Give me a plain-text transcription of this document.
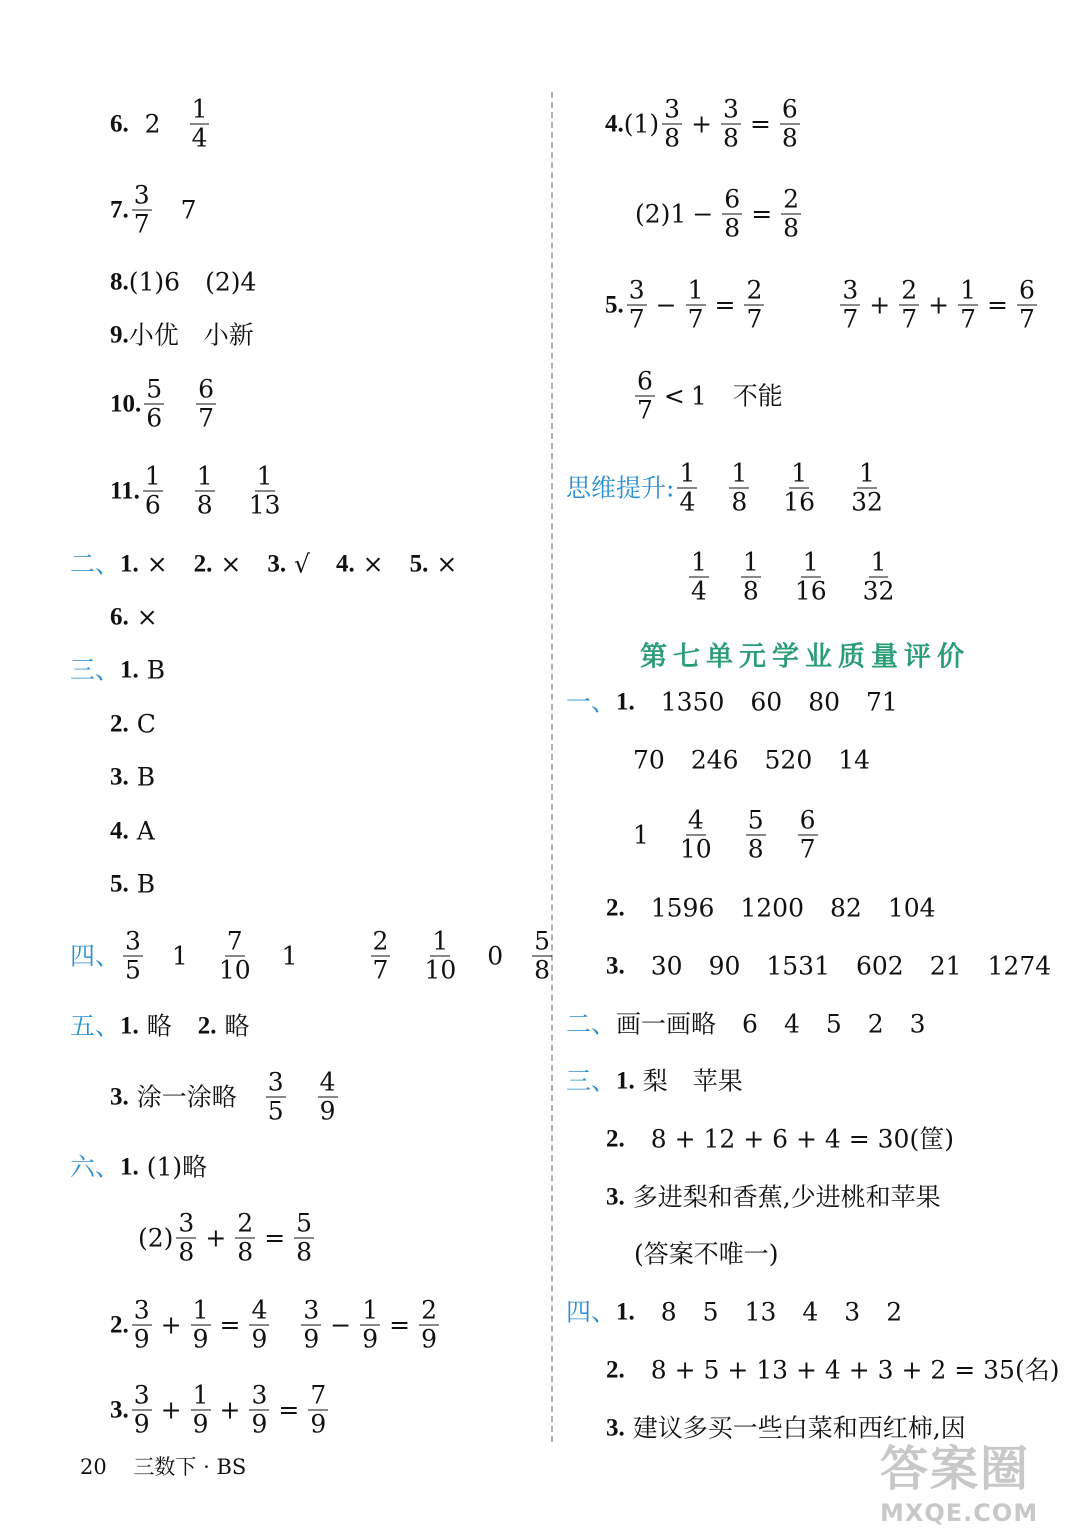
6.
2
1
4
7.
3
7 7
8. (1)6 (2)4
9. 小优 小新
10.
5
6
6
7
11.
1
6
1
8
1
13
二、 1.
× 2.
× 3.
√ 4.
× 5.
×
6.
×
三、 1.
B
2.
C
3.
B
4.
A
5.
B
四、
3
5 1
7
10 1
2
7
1
10 0
5
8
五、 1.
略 2.
略
3.
涂一涂略
3
5
4
9
六、 1.
(1)略
(2)
3
$8 + \frac{2}{8} = \frac{5}{8}$
2.
3
$9 + \frac{1}{9} = \frac{4}{9} 3$
$9 - \frac{1}{9} = \frac{2}{9}$
3.
3
$9 + \frac{1}{9} + \frac{3}{9} = \frac{7}{9}$
4. (1)
3
$8 + \frac{3}{8} = \frac{6}{8}$
$(2)1 - \frac{6}{8} = \frac{2}{8}$
5.
3
$7 - \frac{1}{7} = \frac{2}{7}$	3
$7 + \frac{2}{7} + \frac{1}{7} = \frac{6}{7}$
6
7 < 1 不能
思维提升:
1
4
1
8
1
16
1
32
1
4
1
8
1
16
1
32
第七单元学业质量评价
一、 1. 1350 60 80 71
70 246 520 14
1
4
10
5
8
6
7
2. 1596 1200 82 104
3. 30 90 1531 602 21 1274
二、 画一画略 6 4 5 2 3
三、 1.
梨 苹果
2. 8 + 12 + 6 + 4 = 30(筐)
3.
多进梨和香蕉,少进桃和苹果
(答案不唯一)
四、 1. 8 5 13 4 3 2
2. 8 + 5 + 13 + 4 + 3 + 2 = 35(名)
3.
建议多买一些白菜和西红柿,因
20 三数下 · BS	答案圈
MXQE.COM
